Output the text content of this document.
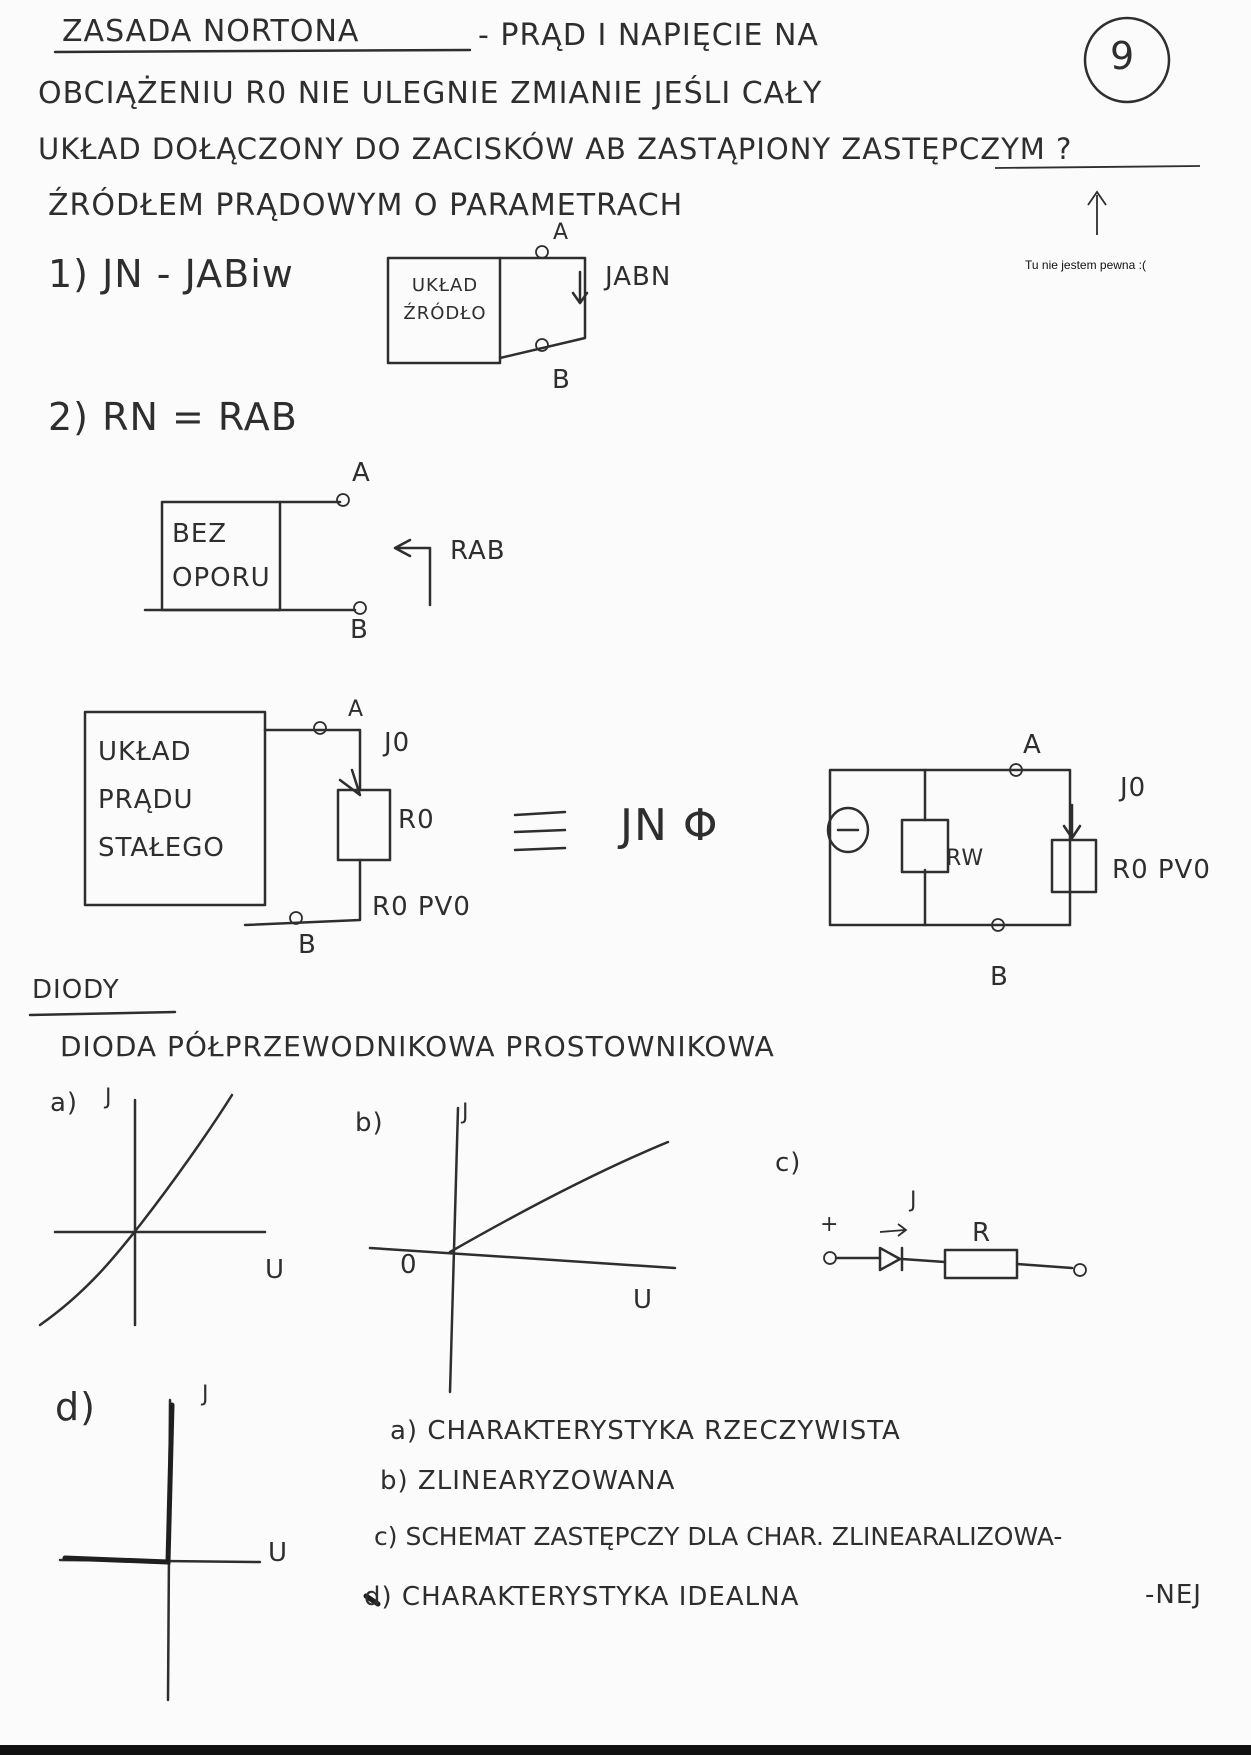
9
ZASADA NORTONA	- PRĄD I NAPIĘCIE NA
OBCIĄŻENIU R0 NIE ULEGNIE ZMIANIE JEŚLI CAŁY
UKŁAD DOŁĄCZONY DO ZACISKÓW AB ZASTĄPIONY ZASTĘPCZYM ?
ŹRÓDŁEM PRĄDOWYM O PARAMETRACH
Tu nie jestem pewna :(
1) JN - JABiw	UKŁAD ŹRÓDŁO
JABN
A
B
2) RN = RAB
BEZ OPORU
RAB
A
B
UKŁAD PRĄDU STAŁEGO
A
J0
R0
R0 PV0
B
JN Φ
A
J0
RW	R0 PV0
B
DIODY
DIODA PÓŁPRZEWODNIKOWA PROSTOWNIKOWA
a) J
U
b)	J
0
U
c)
+
J
R
d)	J
U
a) CHARAKTERYSTYKA RZECZYWISTA
b) ZLINEARYZOWANA
c) SCHEMAT ZASTĘPCZY DLA CHAR. ZLINEARALIZOWA-
-NEJ
d) CHARAKTERYSTYKA IDEALNA
